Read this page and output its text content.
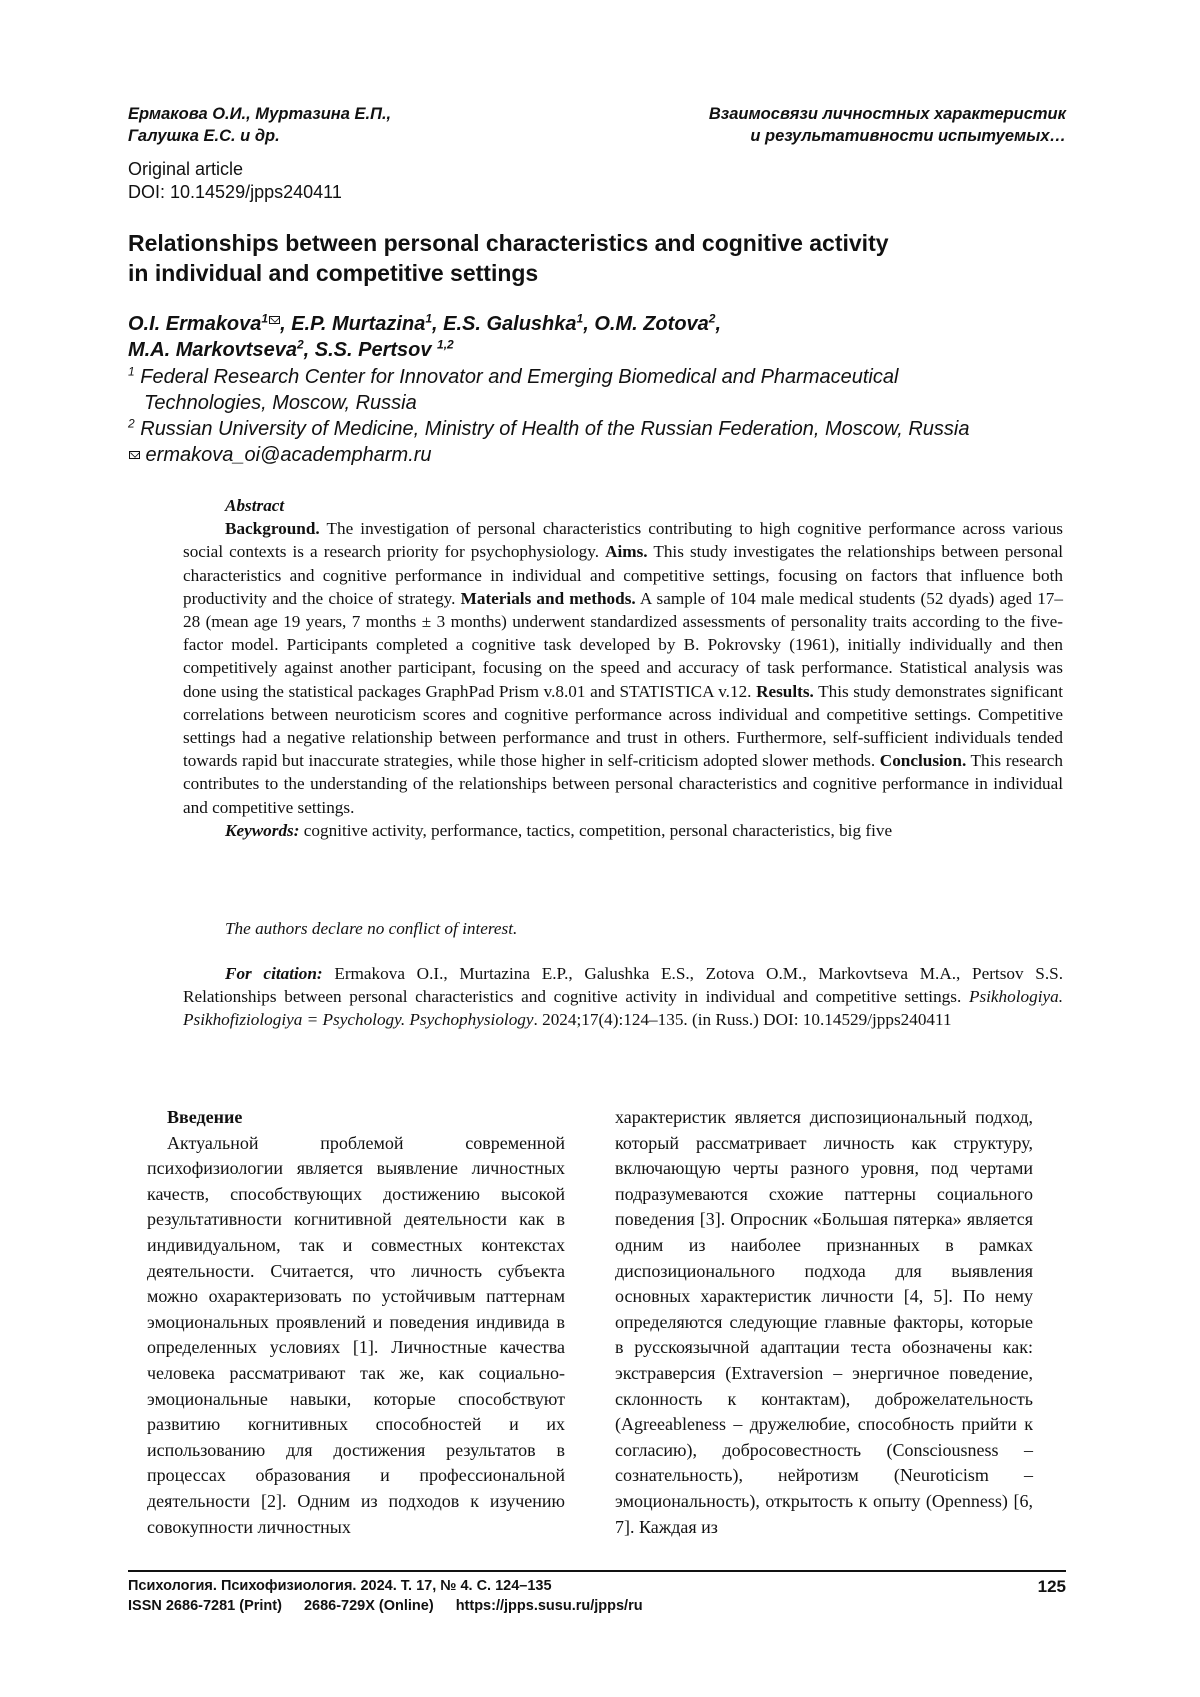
Ермакова О.И., Муртазина Е.П.,
Галушка Е.С. и др.
Взаимосвязи личностных характеристик
и результативности испытуемых…
Original article
DOI: 10.14529/jpps240411
Relationships between personal characteristics and cognitive activity
in individual and competitive settings
O.I. Ermakova$^1$ , E.P. Murtazina$^1$, E.S. Galushka$^1$, O.M. Zotova$^2$,
M.A. Markovtseva$^2$, S.S. Pertsov $^{1,2}$
$^1$ Federal Research Center for Innovator and Emerging Biomedical and Pharmaceutical
Technologies, Moscow, Russia
$^2$ Russian University of Medicine, Ministry of Health of the Russian Federation, Moscow, Russia
ermakova_oi@academpharm.ru
Abstract
Background. The investigation of personal characteristics contributing to high cognitive performance across various social contexts is a research priority for psychophysiology. Aims. This study investigates the relationships between personal characteristics and cognitive performance in individual and competitive settings, focusing on factors that influence both productivity and the choice of strategy. Materials and methods. A sample of 104 male medical students (52 dyads) aged 17–28 (mean age 19 years, 7 months ± 3 months) underwent standardized assessments of personality traits according to the five-factor model. Participants completed a cognitive task developed by B. Pokrovsky (1961), initially individually and then competitively against another participant, focusing on the speed and accuracy of task performance. Statistical analysis was done using the statistical packages GraphPad Prism v.8.01 and STATISTICA v.12. Results. This study demonstrates significant correlations between neuroticism scores and cognitive performance across individual and competitive settings. Competitive settings had a negative relationship between performance and trust in others. Furthermore, self-sufficient individuals tended towards rapid but inaccurate strategies, while those higher in self-criticism adopted slower methods. Conclusion. This research contributes to the understanding of the relationships between personal characteristics and cognitive performance in individual and competitive settings.
Keywords: cognitive activity, performance, tactics, competition, personal characteristics, big five
The authors declare no conflict of interest.
For citation: Ermakova O.I., Murtazina E.P., Galushka E.S., Zotova O.M., Markovtseva M.A., Pertsov S.S. Relationships between personal characteristics and cognitive activity in individual and competitive settings. Psikhologiya. Psikhofiziologiya = Psychology. Psychophysiology. 2024;17(4):124–135. (in Russ.) DOI: 10.14529/jpps240411
Введение
Актуальной проблемой современной психофизиологии является выявление личностных качеств, способствующих достижению высокой результативности когнитивной деятельности как в индивидуальном, так и совместных контекстах деятельности. Считается, что личность субъекта можно охарактеризовать по устойчивым паттернам эмоциональных проявлений и поведения индивида в определенных условиях [1]. Личностные качества человека рассматривают так же, как социально-эмоциональные навыки, которые способствуют развитию когнитивных способностей и их использованию для достижения результатов в процессах образования и профессиональной деятельности [2]. Одним из подходов к изучению совокупности личностных
характеристик является диспозициональный подход, который рассматривает личность как структуру, включающую черты разного уровня, под чертами подразумеваются схожие паттерны социального поведения [3]. Опросник «Большая пятерка» является одним из наиболее признанных в рамках диспозиционального подхода для выявления основных характеристик личности [4, 5]. По нему определяются следующие главные факторы, которые в русскоязычной адаптации теста обозначены как: экстраверсия (Extraversion – энергичное поведение, склонность к контактам), доброжелательность (Agreeableness – дружелюбие, способность прийти к согласию), добросовестность (Consciousness – сознательность), нейротизм (Neuroticism – эмоциональность), открытость к опыту (Openness) [6, 7]. Каждая из
Психология. Психофизиология. 2024. Т. 17, № 4. С. 124–135
ISSN 2686-7281 (Print) 2686-729X (Online) https://jpps.susu.ru/jpps/ru
125
